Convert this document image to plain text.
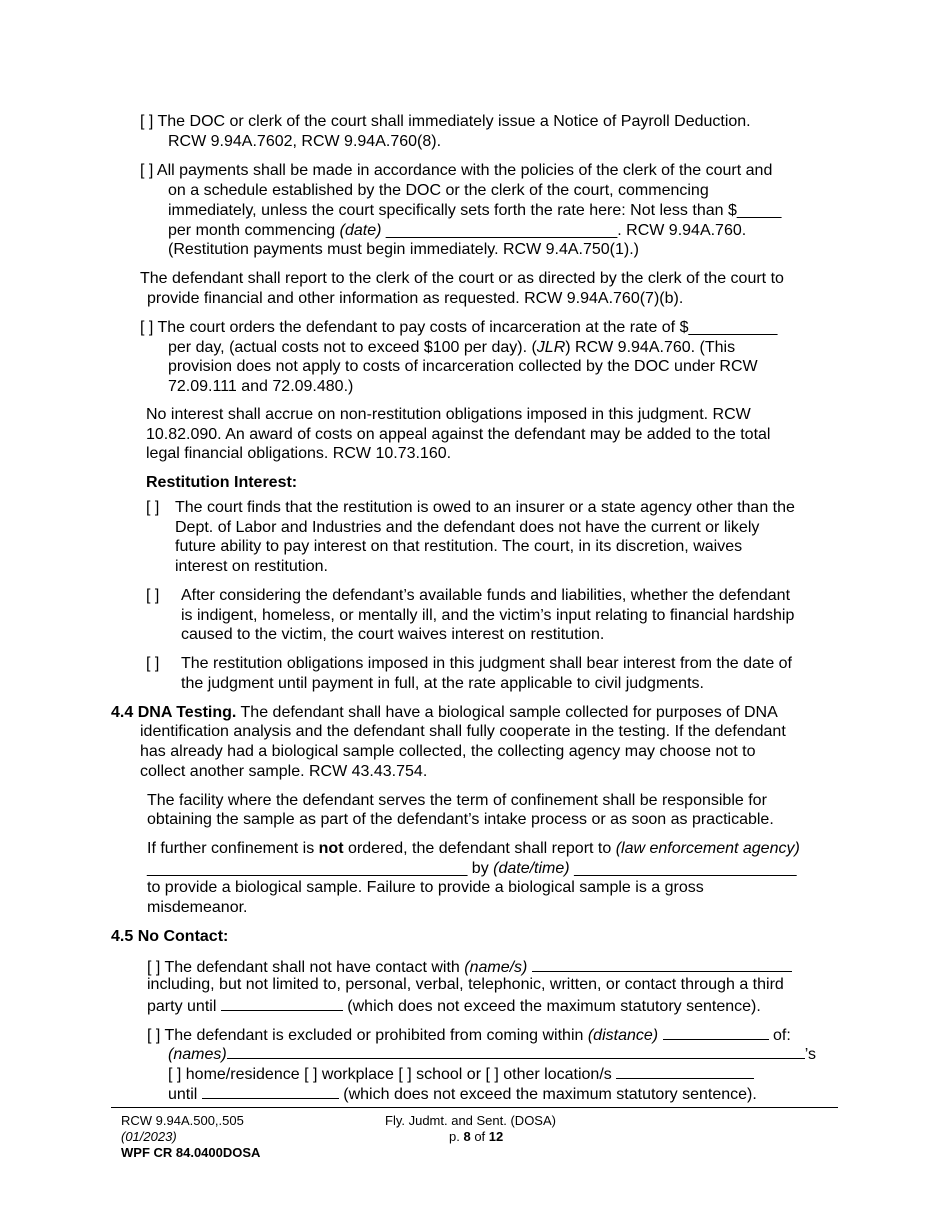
[ ] The DOC or clerk of the court shall immediately issue a Notice of Payroll Deduction.
RCW 9.94A.7602, RCW 9.94A.760(8).
[ ] All payments shall be made in accordance with the policies of the clerk of the court and
on a schedule established by the DOC or the clerk of the court, commencing
immediately, unless the court specifically sets forth the rate here: Not less than $_____
per month commencing (date) __________________________. RCW 9.94A.760.
(Restitution payments must begin immediately. RCW 9.4A.750(1).)
The defendant shall report to the clerk of the court or as directed by the clerk of the court to
provide financial and other information as requested. RCW 9.94A.760(7)(b).
[ ] The court orders the defendant to pay costs of incarceration at the rate of $__________
per day, (actual costs not to exceed $100 per day). (JLR) RCW 9.94A.760. (This
provision does not apply to costs of incarceration collected by the DOC under RCW
72.09.111 and 72.09.480.)
No interest shall accrue on non-restitution obligations imposed in this judgment. RCW
10.82.090. An award of costs on appeal against the defendant may be added to the total
legal financial obligations. RCW 10.73.160.
Restitution Interest:
[ ] The court finds that the restitution is owed to an insurer or a state agency other than the
Dept. of Labor and Industries and the defendant does not have the current or likely
future ability to pay interest on that restitution. The court, in its discretion, waives
interest on restitution.
[ ] After considering the defendant’s available funds and liabilities, whether the defendant
is indigent, homeless, or mentally ill, and the victim’s input relating to financial hardship
caused to the victim, the court waives interest on restitution.
[ ] The restitution obligations imposed in this judgment shall bear interest from the date of
the judgment until payment in full, at the rate applicable to civil judgments.
4.4 DNA Testing. The defendant shall have a biological sample collected for purposes of DNA
identification analysis and the defendant shall fully cooperate in the testing. If the defendant
has already had a biological sample collected, the collecting agency may choose not to
collect another sample. RCW 43.43.754.
The facility where the defendant serves the term of confinement shall be responsible for
obtaining the sample as part of the defendant’s intake process or as soon as practicable.
If further confinement is not ordered, the defendant shall report to (law enforcement agency)
____________________________________ by (date/time) _________________________
to provide a biological sample. Failure to provide a biological sample is a gross
misdemeanor.
4.5 No Contact:
[ ] The defendant shall not have contact with (name/s)
including, but not limited to, personal, verbal, telephonic, written, or contact through a third
party until	(which does not exceed the maximum statutory sentence).
[ ] The defendant is excluded or prohibited from coming within (distance)	of:
(names)	’s
[ ] home/residence [ ] workplace [ ] school or [ ] other location/s
until	(which does not exceed the maximum statutory sentence).
RCW 9.94A.500,.505
(01/2023)
WPF CR 84.0400DOSA
Fly. Judmt. and Sent. (DOSA)
p. 8 of 12
